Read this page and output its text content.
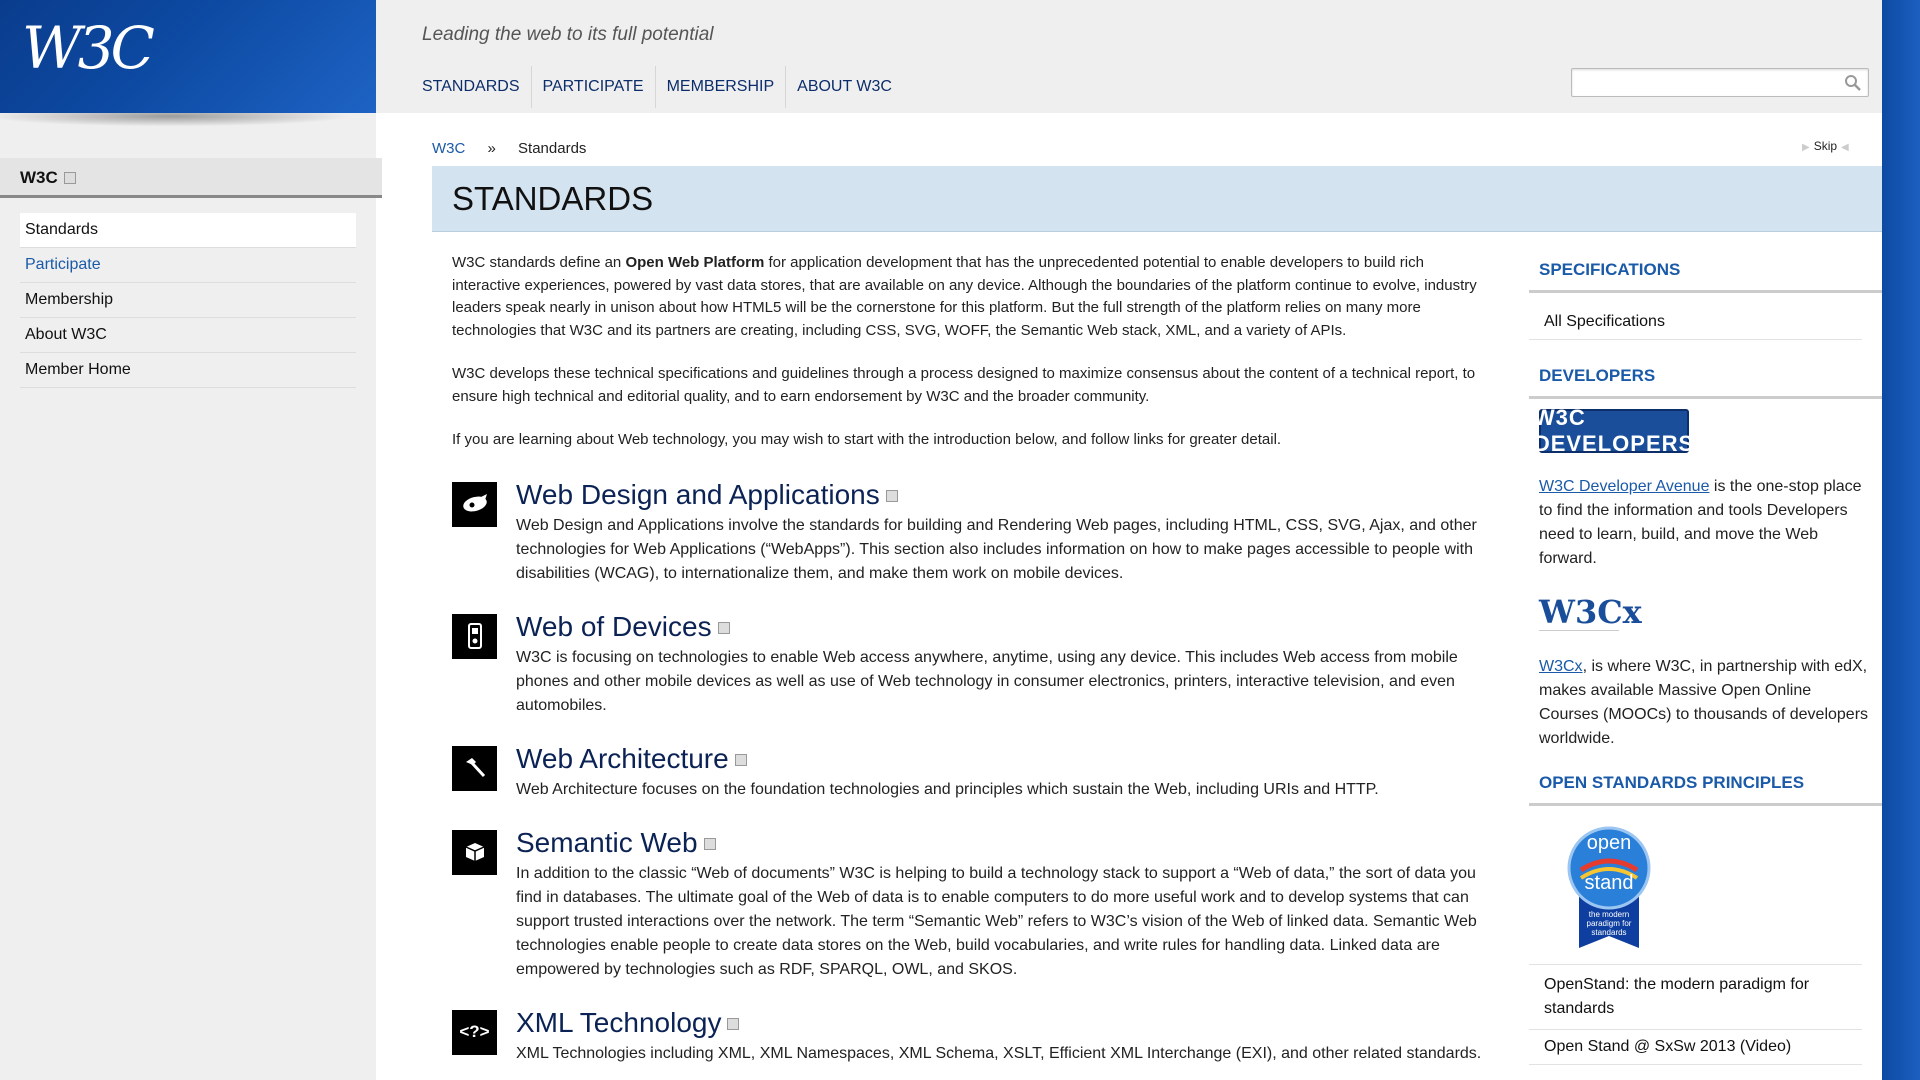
W3C
W3C
Standards
Participate
Membership
About W3C
Member Home
Leading the web to its full potential
STANDARDS	PARTICIPATE	MEMBERSHIP	ABOUT W3C
W3C » Standards	▶ Skip ◀
STANDARDS

W3C standards define an Open Web Platform for application development that has the unprecedented potential to enable developers to build rich interactive experiences, powered by vast data stores, that are available on any device. Although the boundaries of the platform continue to evolve, industry leaders speak nearly in unison about how HTML5 will be the cornerstone for this platform. But the full strength of the platform relies on many more technologies that W3C and its partners are creating, including CSS, SVG, WOFF, the Semantic Web stack, XML, and a variety of APIs.

W3C develops these technical specifications and guidelines through a process designed to maximize consensus about the content of a technical report, to ensure high technical and editorial quality, and to earn endorsement by W3C and the broader community.

If you are learning about Web technology, you may wish to start with the introduction below, and follow links for greater detail.

Web Design and Applications

Web Design and Applications involve the standards for building and Rendering Web pages, including HTML, CSS, SVG, Ajax, and other technologies for Web Applications (“WebApps”). This section also includes information on how to make pages accessible to people with disabilities (WCAG), to internationalize them, and make them work on mobile devices.

Web of Devices

W3C is focusing on technologies to enable Web access anywhere, anytime, using any device. This includes Web access from mobile phones and other mobile devices as well as use of Web technology in consumer electronics, printers, interactive television, and even automobiles.

Web Architecture

Web Architecture focuses on the foundation technologies and principles which sustain the Web, including URIs and HTTP.

Semantic Web

In addition to the classic “Web of documents” W3C is helping to build a technology stack to support a “Web of data,” the sort of data you find in databases. The ultimate goal of the Web of data is to enable computers to do more useful work and to develop systems that can support trusted interactions over the network. The term “Semantic Web” refers to W3C’s vision of the Web of linked data. Semantic Web technologies enable people to create data stores on the Web, build vocabularies, and write rules for handling data. Linked data are empowered by technologies such as RDF, SPARQL, OWL, and SKOS.

<?> XML Technology

XML Technologies including XML, XML Namespaces, XML Schema, XSLT, Efficient XML Interchange (EXI), and other related standards.

SPECIFICATIONS
All Specifications
DEVELOPERS
W3C DEVELOPERS

W3C Developer Avenue is the one-stop place to find the information and tools Developers need to learn, build, and move the Web forward.

W3Cx

W3Cx, is where W3C, in partnership with edX, makes available Massive Open Online Courses (MOOCs) to thousands of developers worldwide.

OPEN STANDARDS PRINCIPLES
open
stand
the modern paradigm for standards
OpenStand: the modern paradigm for standards
Open Stand @ SxSw 2013 (Video)
